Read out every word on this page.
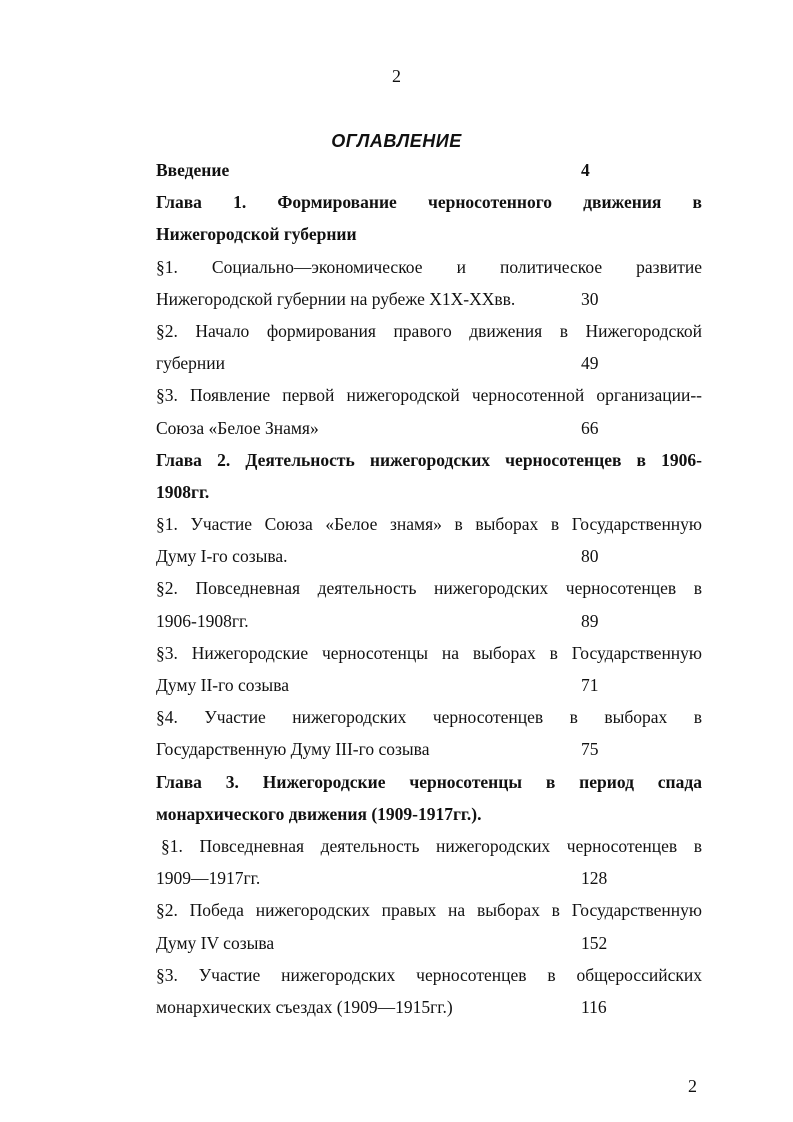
2
ОГЛАВЛЕНИЕ
Введение	4
Глава 1. Формирование черносотенного движения в
Нижегородской губернии
§1. Социально—экономическое и политическое развитие
Нижегородской губернии на рубеже Х1Х-ХХвв.	30
§2. Начало формирования правого движения в Нижегородской
губернии	49
§3. Появление первой нижегородской черносотенной организации--
Союза «Белое Знамя»	66
Глава 2. Деятельность нижегородских черносотенцев в 1906-
1908гг.
§1. Участие Союза «Белое знамя» в выборах в Государственную
Думу I-го созыва.	80
§2. Повседневная деятельность нижегородских черносотенцев в
1906-1908гг.	89
§3. Нижегородские черносотенцы на выборах в Государственную
Думу II-го созыва	71
§4. Участие нижегородских черносотенцев в выборах в
Государственную Думу III-го созыва	75
Глава 3. Нижегородские черносотенцы в период спада
монархического движения (1909-1917гг.).
§1. Повседневная деятельность нижегородских черносотенцев в
1909—1917гг.	128
§2. Победа нижегородских правых на выборах в Государственную
Думу IV созыва	152
§3. Участие нижегородских черносотенцев в общероссийских
монархических съездах (1909—1915гг.)	116
2
